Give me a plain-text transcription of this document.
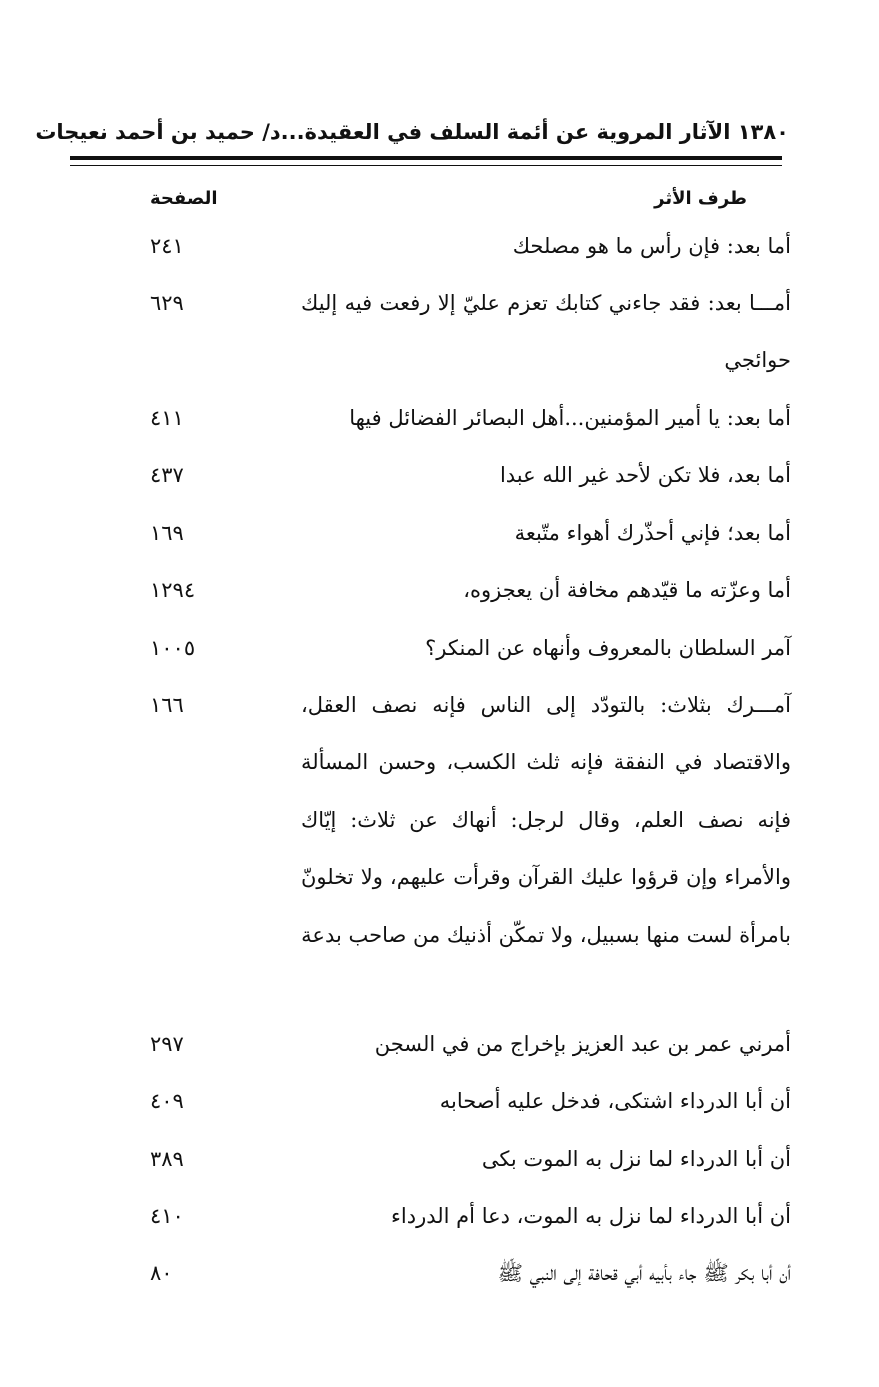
١٣٨٠ الآثار المروية عن أئمة السلف في العقيدة...د/ حميد بن أحمد نعيجات
طرف الأثر
الصفحة
أما بعد: فإن رأس ما هو مصلحك
٢٤١
أمـــا بعد: فقد جاءني كتابك تعزم عليّ إلا رفعت فيه إليك حوائجي
٦٢٩
أما بعد: يا أمير المؤمنين...أهل البصائر الفضائل فيها
٤١١
أما بعد، فلا تكن لأحد غير الله عبدا
٤٣٧
أما بعد؛ فإني أحذّرك أهواء متّبعة
١٦٩
أما وعزّته ما قيّدهم مخافة أن يعجزوه،
١٢٩٤
آمر السلطان بالمعروف وأنهاه عن المنكر؟
١٠٠٥
آمـــرك بثلاث: بالتودّد إلى الناس فإنه نصف العقل، والاقتصاد في النفقة فإنه ثلث الكسب، وحسن المسألة فإنه نصف العلم، وقال لرجل: أنهاك عن ثلاث: إيّاك والأمراء وإن قرؤوا عليك القرآن وقرأت عليهم، ولا تخلونّ بامرأة لست منها بسبيل، ولا تمكّن أذنيك من صاحب بدعة
١٦٦
أمرني عمر بن عبد العزيز بإخراج من في السجن
٢٩٧
أن أبا الدرداء اشتكى، فدخل عليه أصحابه
٤٠٩
أن أبا الدرداء لما نزل به الموت بكى
٣٨٩
أن أبا الدرداء لما نزل به الموت، دعا أم الدرداء
٤١٠
أن أبا بكر ﷺ جاء بأبيه أبي قحافة إلى النبي ﷺ
٨٠
